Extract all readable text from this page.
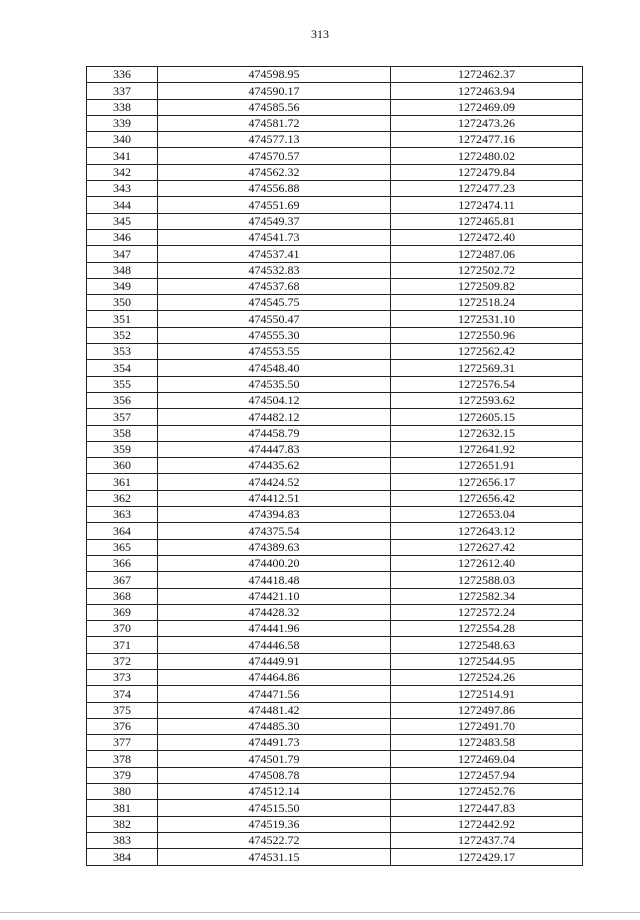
313
336	474598.95	1272462.37
337	474590.17	1272463.94
338	474585.56	1272469.09
339	474581.72	1272473.26
340	474577.13	1272477.16
341	474570.57	1272480.02
342	474562.32	1272479.84
343	474556.88	1272477.23
344	474551.69	1272474.11
345	474549.37	1272465.81
346	474541.73	1272472.40
347	474537.41	1272487.06
348	474532.83	1272502.72
349	474537.68	1272509.82
350	474545.75	1272518.24
351	474550.47	1272531.10
352	474555.30	1272550.96
353	474553.55	1272562.42
354	474548.40	1272569.31
355	474535.50	1272576.54
356	474504.12	1272593.62
357	474482.12	1272605.15
358	474458.79	1272632.15
359	474447.83	1272641.92
360	474435.62	1272651.91
361	474424.52	1272656.17
362	474412.51	1272656.42
363	474394.83	1272653.04
364	474375.54	1272643.12
365	474389.63	1272627.42
366	474400.20	1272612.40
367	474418.48	1272588.03
368	474421.10	1272582.34
369	474428.32	1272572.24
370	474441.96	1272554.28
371	474446.58	1272548.63
372	474449.91	1272544.95
373	474464.86	1272524.26
374	474471.56	1272514.91
375	474481.42	1272497.86
376	474485.30	1272491.70
377	474491.73	1272483.58
378	474501.79	1272469.04
379	474508.78	1272457.94
380	474512.14	1272452.76
381	474515.50	1272447.83
382	474519.36	1272442.92
383	474522.72	1272437.74
384	474531.15	1272429.17
